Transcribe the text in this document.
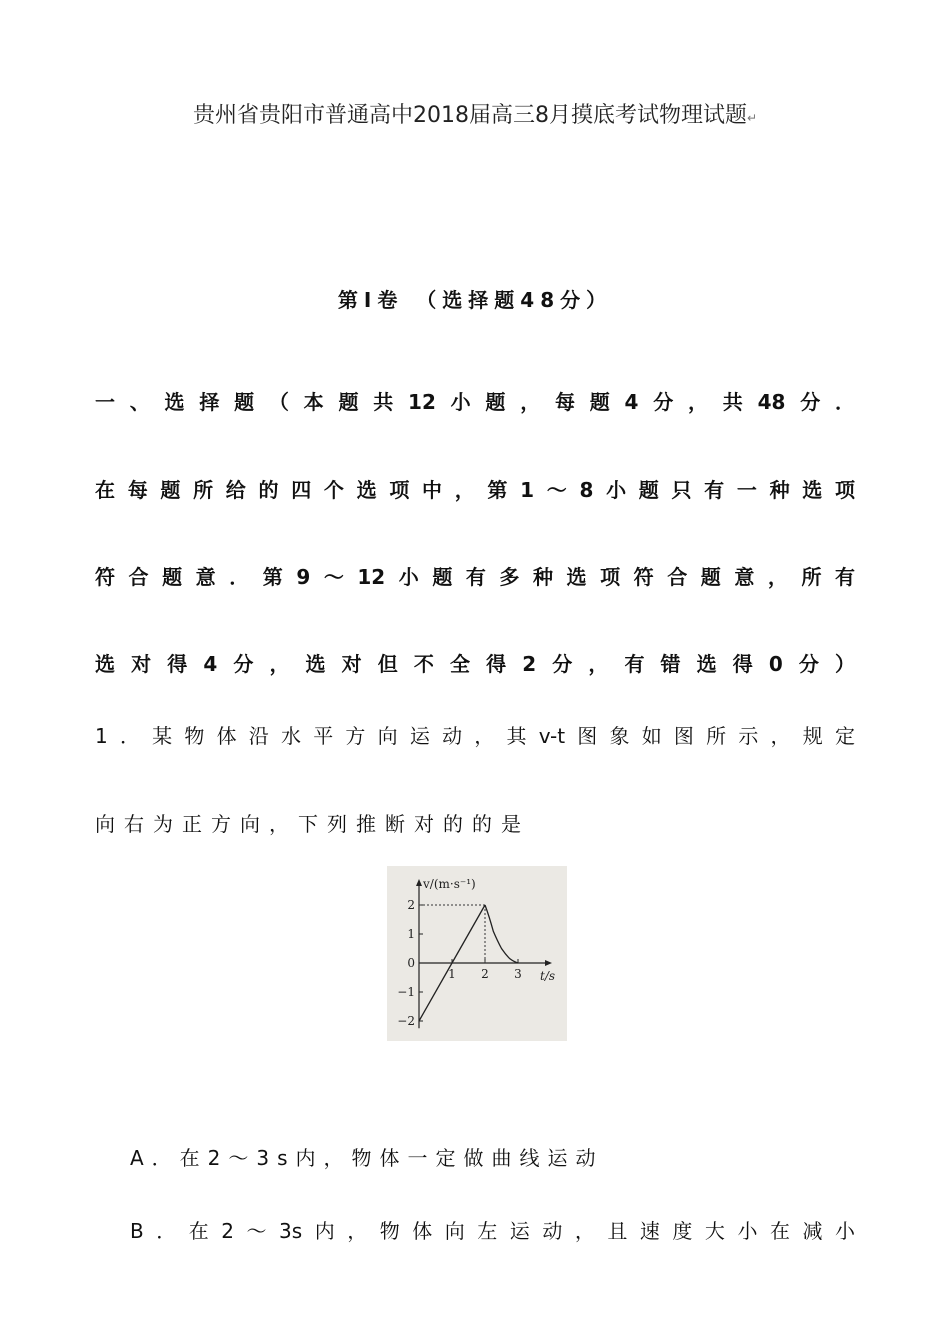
贵州省贵阳市普通高中2018届高三8月摸底考试物理试题↵
第Ⅰ卷 （选择题48分）
一、选择题（本题共12小题，每题4分，共48分．
在每题所给的四个选项中，第1～8小题只有一种选项
符合题意．第9～12小题有多种选项符合题意，所有
选对得4分，选对但不全得2分，有错选得0分）
1．某物体沿水平方向运动，其v-t图象如图所示，规定
向右为正方向，下列推断对的的是
v/(m·s⁻¹)
t/s
2
1
0
−1
−2
1 2 3
A．在2～3s内，物体一定做曲线运动
B．在2～3s内，物体向左运动，且速度大小在减小
